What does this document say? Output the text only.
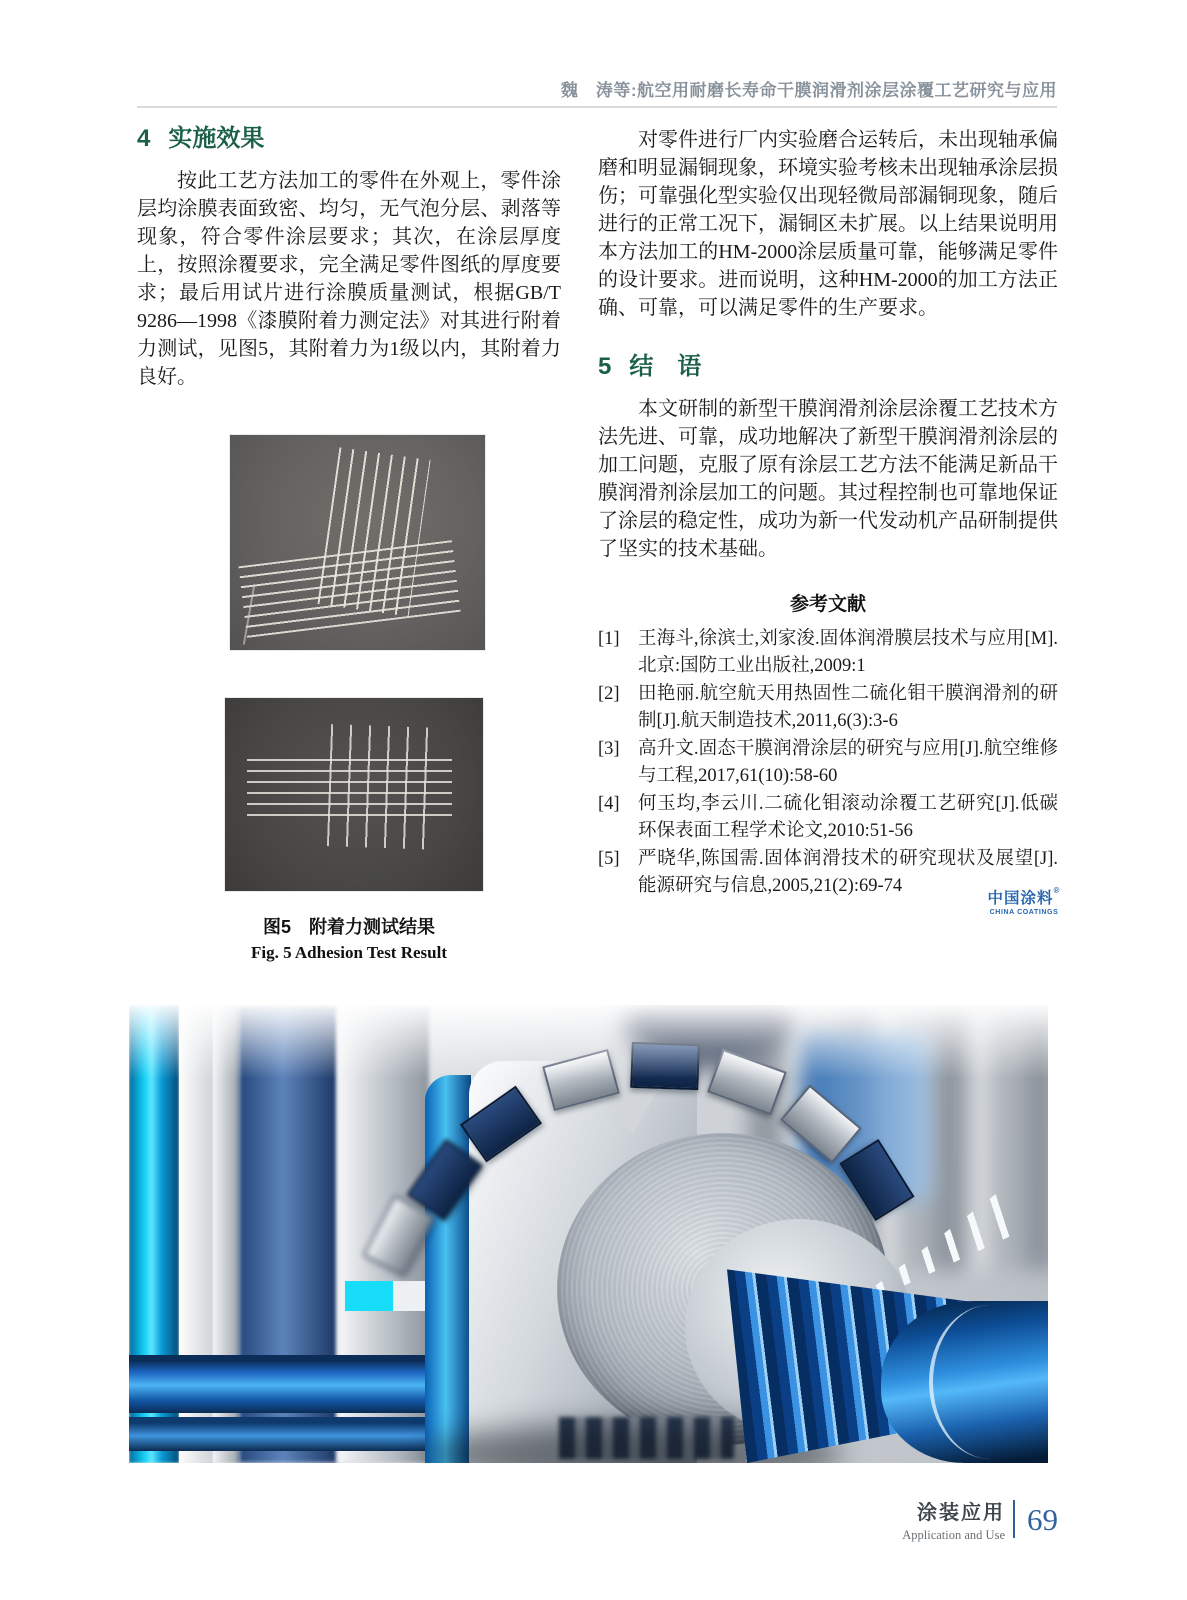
魏　涛等:航空用耐磨长寿命干膜润滑剂涂层涂覆工艺研究与应用
4 实施效果

按此工艺方法加工的零件在外观上，零件涂层均涂膜表面致密、均匀，无气泡分层、剥落等现象，符合零件涂层要求；其次，在涂层厚度上，按照涂覆要求，完全满足零件图纸的厚度要求；最后用试片进行涂膜质量测试，根据GB/T 9286—1998《漆膜附着力测定法》对其进行附着力测试，见图5，其附着力为1级以内，其附着力良好。

图5　附着力测试结果
Fig. 5 Adhesion Test Result

对零件进行厂内实验磨合运转后，未出现轴承偏磨和明显漏铜现象，环境实验考核未出现轴承涂层损伤；可靠强化型实验仅出现轻微局部漏铜现象，随后进行的正常工况下，漏铜区未扩展。以上结果说明用本方法加工的HM-2000涂层质量可靠，能够满足零件的设计要求。进而说明，这种HM-2000的加工方法正确、可靠，可以满足零件的生产要求。

5 结　语

本文研制的新型干膜润滑剂涂层涂覆工艺技术方法先进、可靠，成功地解决了新型干膜润滑剂涂层的加工问题，克服了原有涂层工艺方法不能满足新品干膜润滑剂涂层加工的问题。其过程控制也可靠地保证了涂层的稳定性，成功为新一代发动机产品研制提供了坚实的技术基础。

参考文献
[1] 王海斗,徐滨士,刘家浚.固体润滑膜层技术与应用[M].北京:国防工业出版社,2009:1
[2] 田艳丽.航空航天用热固性二硫化钼干膜润滑剂的研制[J].航天制造技术,2011,6(3):3-6
[3] 高升文.固态干膜润滑涂层的研究与应用[J].航空维修与工程,2017,61(10):58-60
[4] 何玉均,李云川.二硫化钼滚动涂覆工艺研究[J].低碳环保表面工程学术论文,2010:51-56
[5] 严晓华,陈国需.固体润滑技术的研究现状及展望[J].能源研究与信息,2005,21(2):69-74
中国涂料®
CHINA COATINGS
涂装应用
Application and Use 69
